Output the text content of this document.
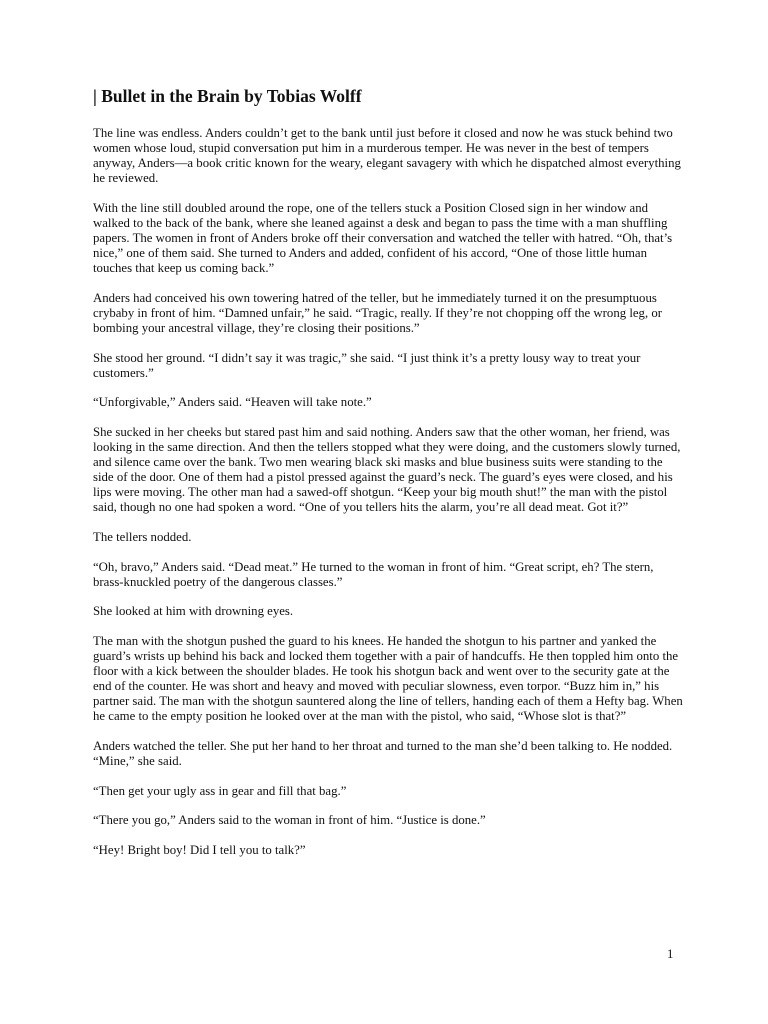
| Bullet in the Brain by Tobias Wolff

The line was endless. Anders couldn’t get to the bank until just before it closed and now he was stuck behind two women whose loud, stupid conversation put him in a murderous temper. He was never in the best of tempers anyway, Anders—a book critic known for the weary, elegant savagery with which he dispatched almost everything he reviewed.

With the line still doubled around the rope, one of the tellers stuck a Position Closed sign in her window and walked to the back of the bank, where she leaned against a desk and began to pass the time with a man shuffling papers. The women in front of Anders broke off their conversation and watched the teller with hatred. “Oh, that’s nice,” one of them said. She turned to Anders and added, confident of his accord, “One of those little human touches that keep us coming back.”

Anders had conceived his own towering hatred of the teller, but he immediately turned it on the presumptuous crybaby in front of him. “Damned unfair,” he said. “Tragic, really. If they’re not chopping off the wrong leg, or bombing your ancestral village, they’re closing their positions.”

She stood her ground. “I didn’t say it was tragic,” she said. “I just think it’s a pretty lousy way to treat your customers.”

“Unforgivable,” Anders said. “Heaven will take note.”

She sucked in her cheeks but stared past him and said nothing. Anders saw that the other woman, her friend, was looking in the same direction. And then the tellers stopped what they were doing, and the customers slowly turned, and silence came over the bank. Two men wearing black ski masks and blue business suits were standing to the side of the door. One of them had a pistol pressed against the guard’s neck. The guard’s eyes were closed, and his lips were moving. The other man had a sawed-off shotgun. “Keep your big mouth shut!” the man with the pistol said, though no one had spoken a word. “One of you tellers hits the alarm, you’re all dead meat. Got it?”

The tellers nodded.

“Oh, bravo,” Anders said. “Dead meat.” He turned to the woman in front of him. “Great script, eh? The stern, brass-knuckled poetry of the dangerous classes.”

She looked at him with drowning eyes.

The man with the shotgun pushed the guard to his knees. He handed the shotgun to his partner and yanked the guard’s wrists up behind his back and locked them together with a pair of handcuffs. He then toppled him onto the floor with a kick between the shoulder blades. He took his shotgun back and went over to the security gate at the end of the counter. He was short and heavy and moved with peculiar slowness, even torpor. “Buzz him in,” his partner said. The man with the shotgun sauntered along the line of tellers, handing each of them a Hefty bag. When he came to the empty position he looked over at the man with the pistol, who said, “Whose slot is that?”

Anders watched the teller. She put her hand to her throat and turned to the man she’d been talking to. He nodded. “Mine,” she said.

“Then get your ugly ass in gear and fill that bag.”

“There you go,” Anders said to the woman in front of him. “Justice is done.”

“Hey! Bright boy! Did I tell you to talk?”

1
